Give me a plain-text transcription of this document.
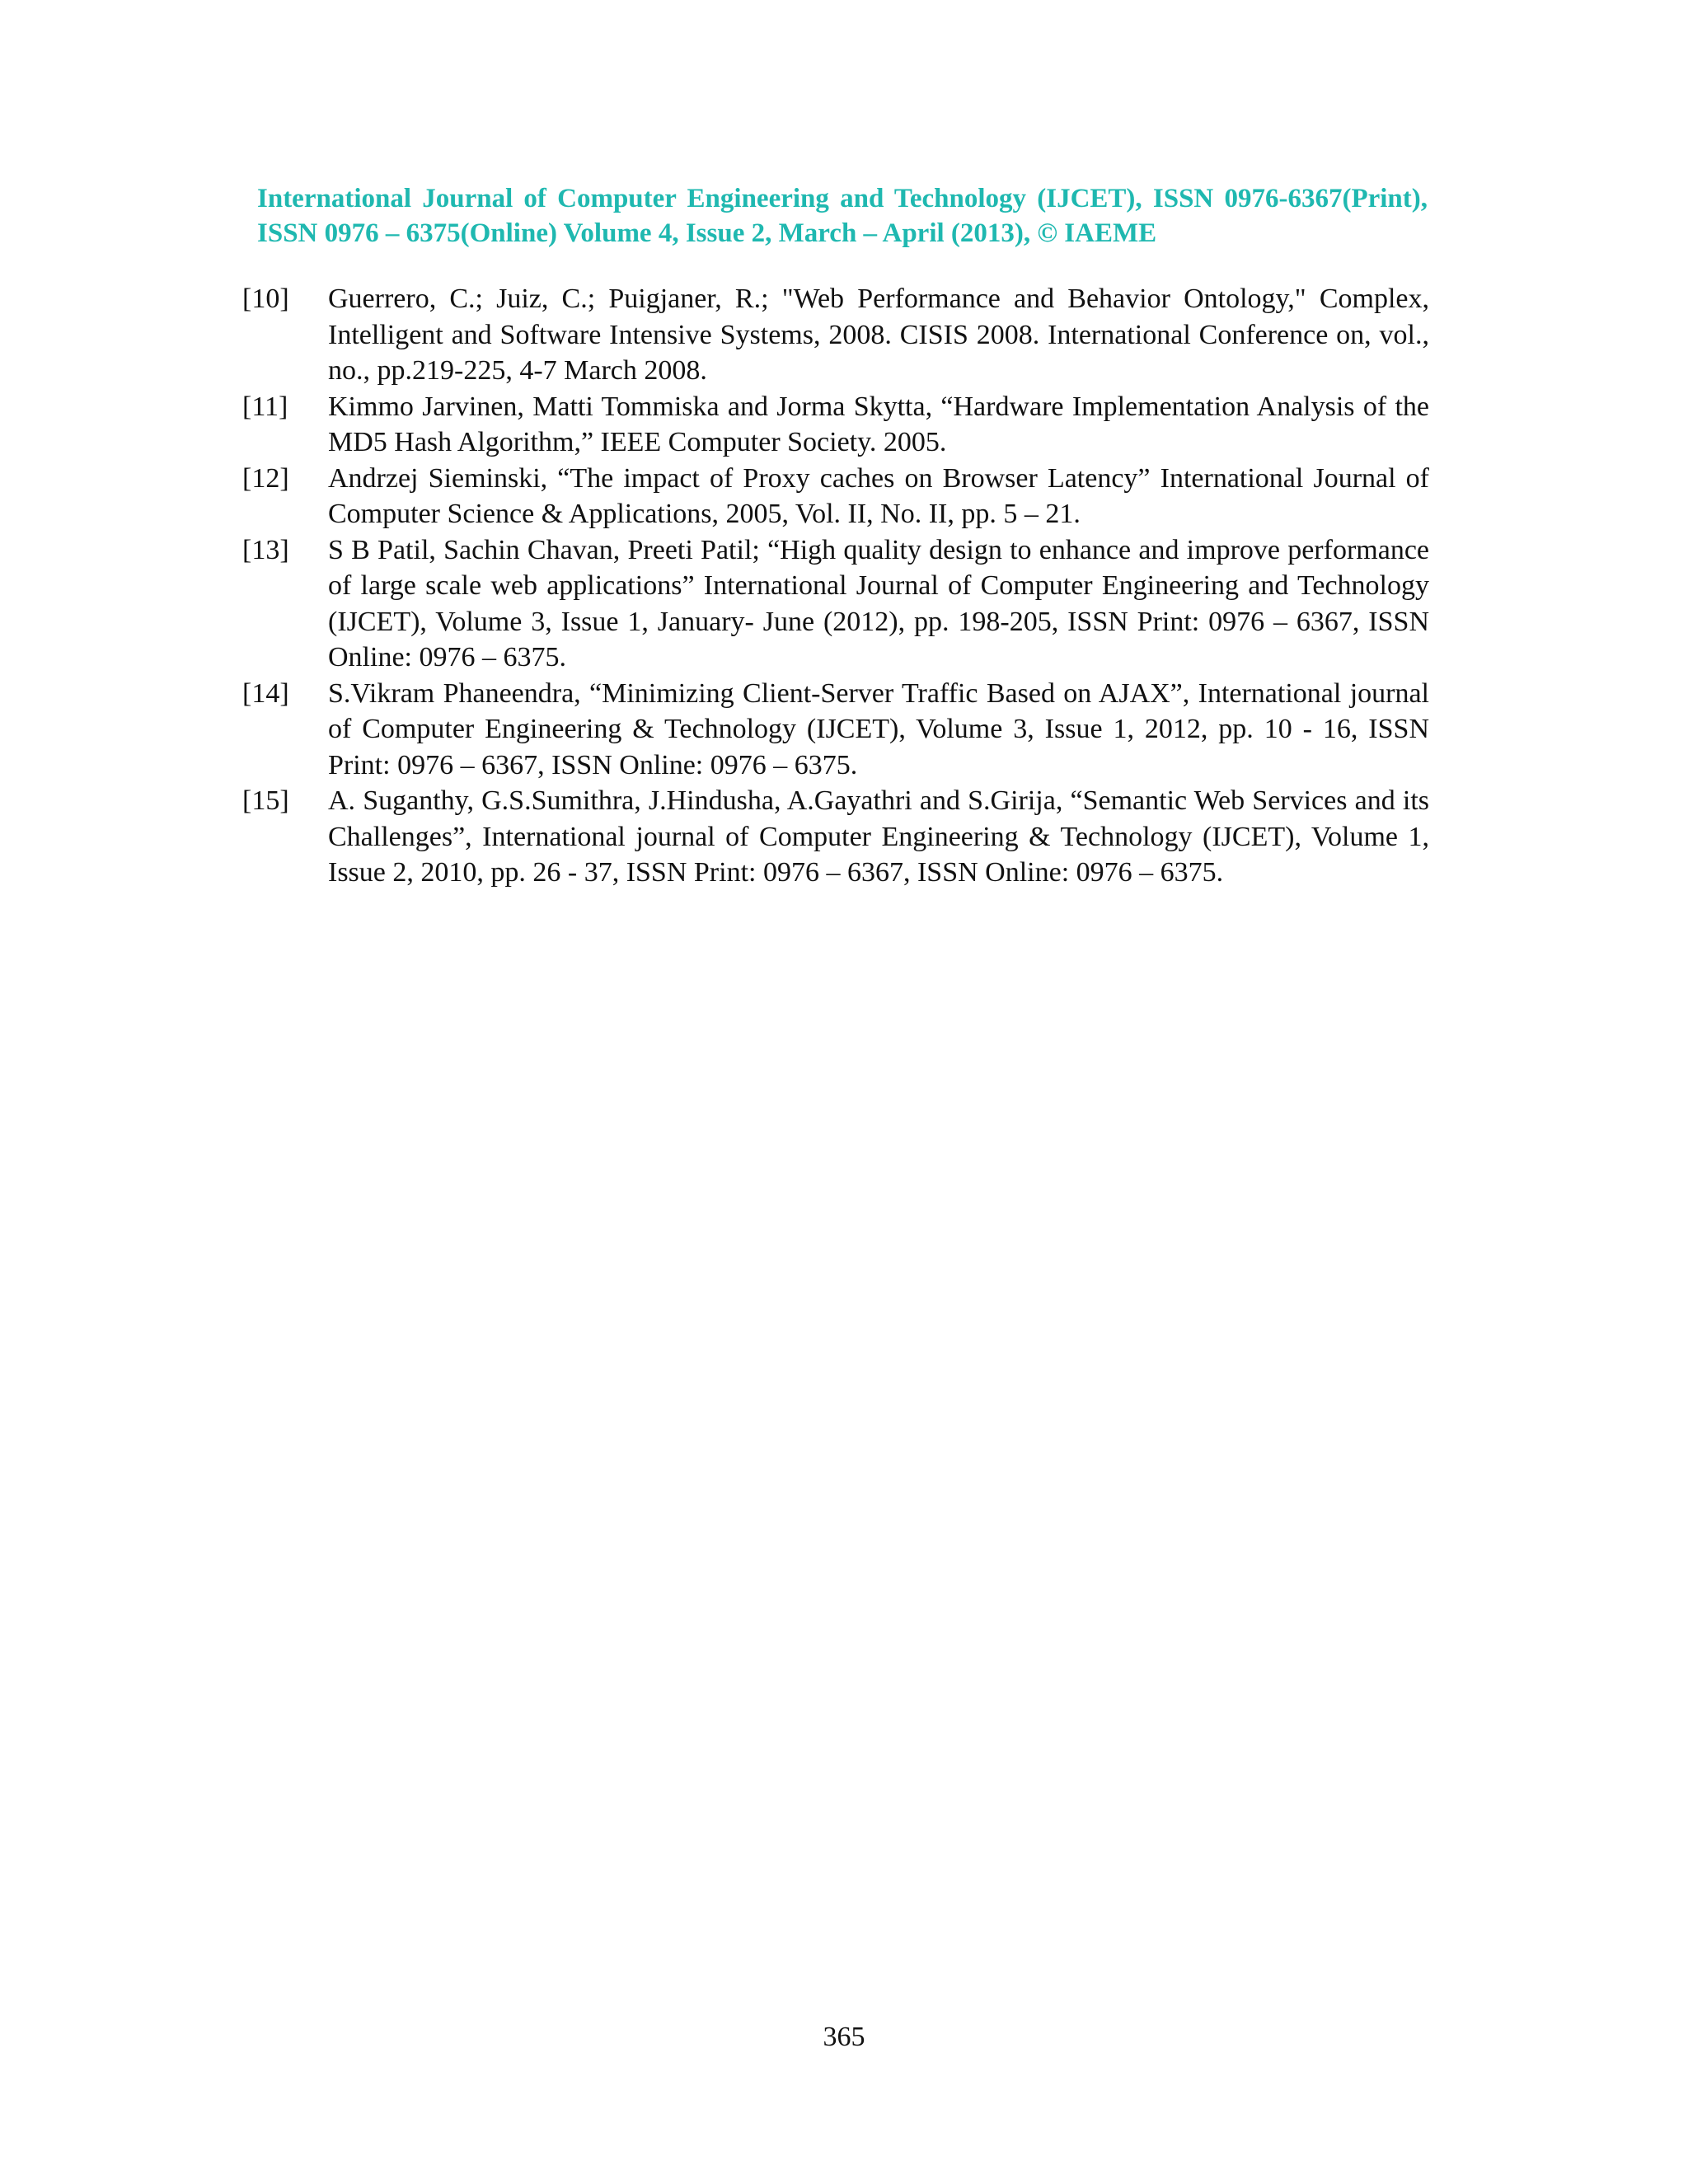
International Journal of Computer Engineering and Technology (IJCET), ISSN 0976-6367(Print), ISSN 0976 – 6375(Online) Volume 4, Issue 2, March – April (2013), © IAEME
[10]	Guerrero, C.; Juiz, C.; Puigjaner, R.; "Web Performance and Behavior Ontology," Complex, Intelligent and Software Intensive Systems, 2008. CISIS 2008. International Conference on, vol., no., pp.219-225, 4-7 March 2008.
[11]	Kimmo Jarvinen, Matti Tommiska and Jorma Skytta, “Hardware Implementation Analysis of the MD5 Hash Algorithm,” IEEE Computer Society. 2005.
[12]	Andrzej Sieminski, “The impact of Proxy caches on Browser Latency” International Journal of Computer Science & Applications, 2005, Vol. II, No. II, pp. 5 – 21.
[13]	S B Patil, Sachin Chavan, Preeti Patil; “High quality design to enhance and improve performance of large scale web applications” International Journal of Computer Engineering and Technology (IJCET), Volume 3, Issue 1, January- June (2012), pp. 198-205, ISSN Print: 0976 – 6367, ISSN Online: 0976 – 6375.
[14]	S.Vikram Phaneendra, “Minimizing Client-Server Traffic Based on AJAX”, International journal of Computer Engineering & Technology (IJCET), Volume 3, Issue 1, 2012, pp. 10 - 16, ISSN Print: 0976 – 6367, ISSN Online: 0976 – 6375.
[15]	A. Suganthy, G.S.Sumithra, J.Hindusha, A.Gayathri and S.Girija, “Semantic Web Services and its Challenges”, International journal of Computer Engineering & Technology (IJCET), Volume 1, Issue 2, 2010, pp. 26 - 37, ISSN Print: 0976 – 6367, ISSN Online: 0976 – 6375.
365
